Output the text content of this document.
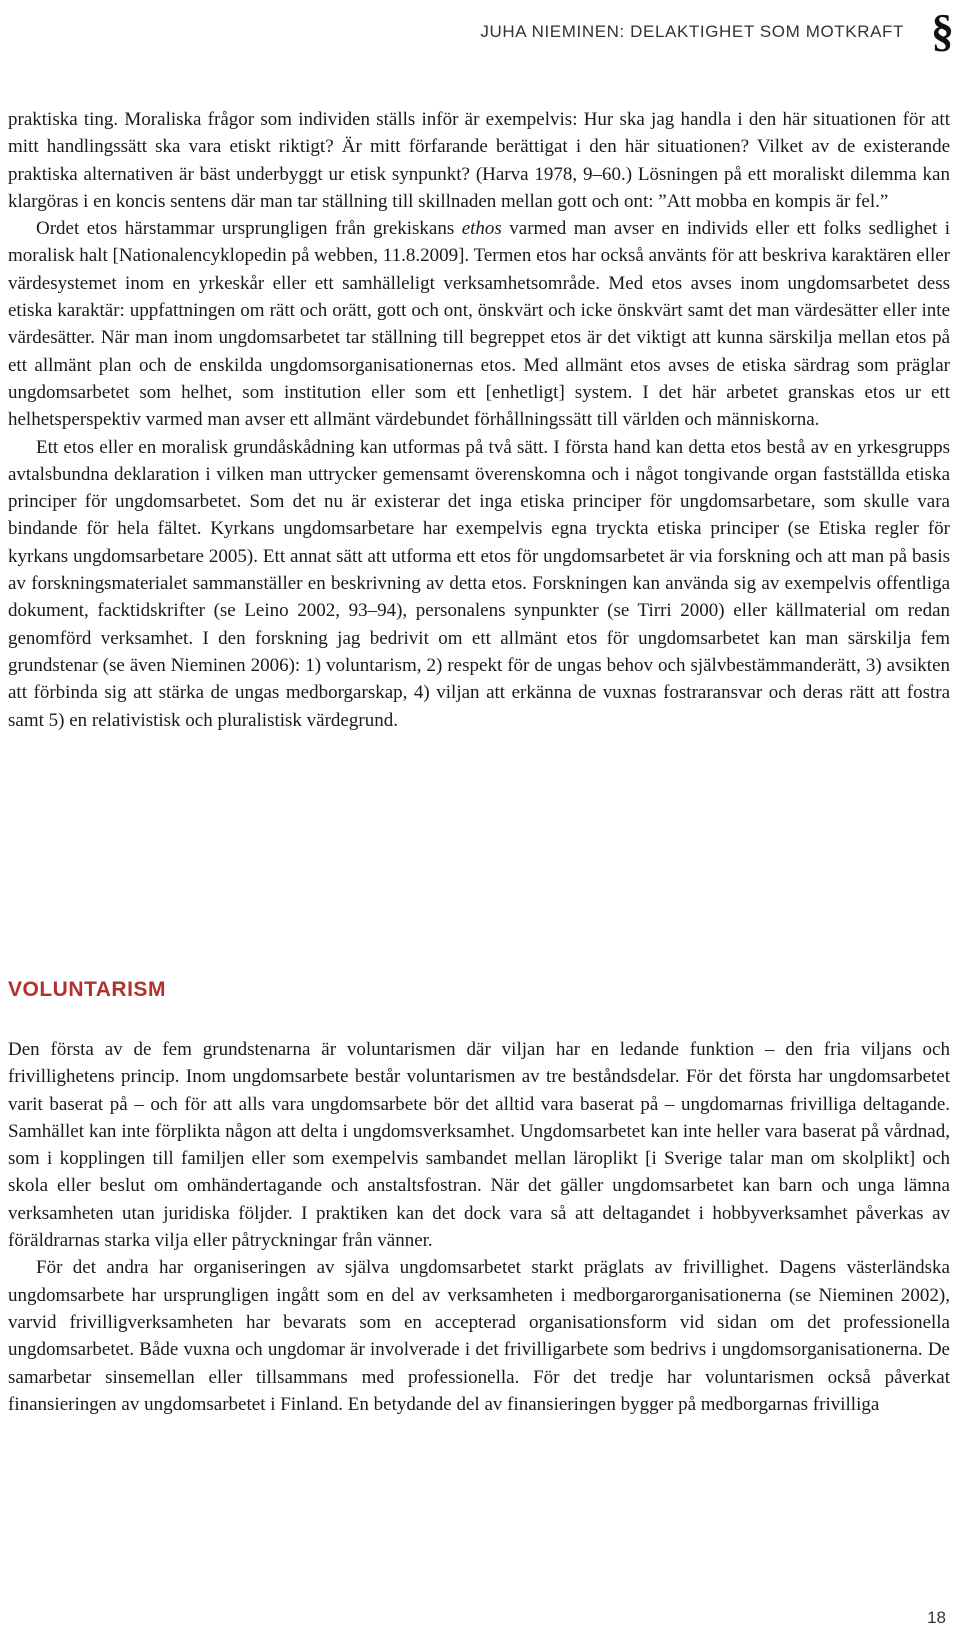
JUHA NIEMINEN: DELAKTIGHET SOM MOTKRAFT §

praktiska ting. Moraliska frågor som individen ställs inför är exempelvis: Hur ska jag handla i den här situationen för att mitt handlingssätt ska vara etiskt riktigt? Är mitt förfarande berättigat i den här situationen? Vilket av de existerande praktiska alternativen är bäst underbyggt ur etisk synpunkt? (Harva 1978, 9–60.) Lösningen på ett moraliskt dilemma kan klargöras i en koncis sentens där man tar ställning till skillnaden mellan gott och ont: ”Att mobba en kompis är fel.”

Ordet etos härstammar ursprungligen från grekiskans ethos varmed man avser en individs eller ett folks sedlighet i moralisk halt [Nationalencyklopedin på webben, 11.8.2009]. Termen etos har också använts för att beskriva karaktären eller värdesystemet inom en yrkeskår eller ett samhälleligt verksamhetsområde. Med etos avses inom ungdomsarbetet dess etiska karaktär: uppfattningen om rätt och orätt, gott och ont, önskvärt och icke önskvärt samt det man värdesätter eller inte värdesätter. När man inom ungdomsarbetet tar ställning till begreppet etos är det viktigt att kunna särskilja mellan etos på ett allmänt plan och de enskilda ungdomsorganisationernas etos. Med allmänt etos avses de etiska särdrag som präglar ungdomsarbetet som helhet, som institution eller som ett [enhetligt] system. I det här arbetet granskas etos ur ett helhetsperspektiv varmed man avser ett allmänt värdebundet förhållningssätt till världen och människorna.

Ett etos eller en moralisk grundåskådning kan utformas på två sätt. I första hand kan detta etos bestå av en yrkesgrupps avtalsbundna deklaration i vilken man uttrycker gemensamt överenskomna och i något tongivande organ fastställda etiska principer för ungdomsarbetet. Som det nu är existerar det inga etiska principer för ungdomsarbetare, som skulle vara bindande för hela fältet. Kyrkans ungdomsarbetare har exempelvis egna tryckta etiska principer (se Etiska regler för kyrkans ungdomsarbetare 2005). Ett annat sätt att utforma ett etos för ungdomsarbetet är via forskning och att man på basis av forskningsmaterialet sammanställer en beskrivning av detta etos. Forskningen kan använda sig av exempelvis offentliga dokument, facktidskrifter (se Leino 2002, 93–94), personalens synpunkter (se Tirri 2000) eller källmaterial om redan genomförd verksamhet. I den forskning jag bedrivit om ett allmänt etos för ungdomsarbetet kan man särskilja fem grundstenar (se även Nieminen 2006): 1) voluntarism, 2) respekt för de ungas behov och självbestämmanderätt, 3) avsikten att förbinda sig att stärka de ungas medborgarskap, 4) viljan att erkänna de vuxnas fostraransvar och deras rätt att fostra samt 5) en relativistisk och pluralistisk värdegrund.

VOLUNTARISM

Den första av de fem grundstenarna är voluntarismen där viljan har en ledande funktion – den fria viljans och frivillighetens princip. Inom ungdomsarbete består voluntarismen av tre beståndsdelar. För det första har ungdomsarbetet varit baserat på – och för att alls vara ungdomsarbete bör det alltid vara baserat på – ungdomarnas frivilliga deltagande. Samhället kan inte förplikta någon att delta i ungdomsverksamhet. Ungdomsarbetet kan inte heller vara baserat på vårdnad, som i kopplingen till familjen eller som exempelvis sambandet mellan läroplikt [i Sverige talar man om skolplikt] och skola eller beslut om omhändertagande och anstaltsfostran. När det gäller ungdomsarbetet kan barn och unga lämna verksamheten utan juridiska följder. I praktiken kan det dock vara så att deltagandet i hobbyverksamhet påverkas av föräldrarnas starka vilja eller påtryckningar från vänner.

För det andra har organiseringen av själva ungdomsarbetet starkt präglats av frivillighet. Dagens västerländska ungdomsarbete har ursprungligen ingått som en del av verksamheten i medborgarorganisationerna (se Nieminen 2002), varvid frivilligverksamheten har bevarats som en accepterad organisationsform vid sidan om det professionella ungdomsarbetet. Både vuxna och ungdomar är involverade i det frivilligarbete som bedrivs i ungdomsorganisationerna. De samarbetar sinsemellan eller tillsammans med professionella. För det tredje har voluntarismen också påverkat finansieringen av ungdomsarbetet i Finland. En betydande del av finansieringen bygger på medborgarnas frivilliga

18
